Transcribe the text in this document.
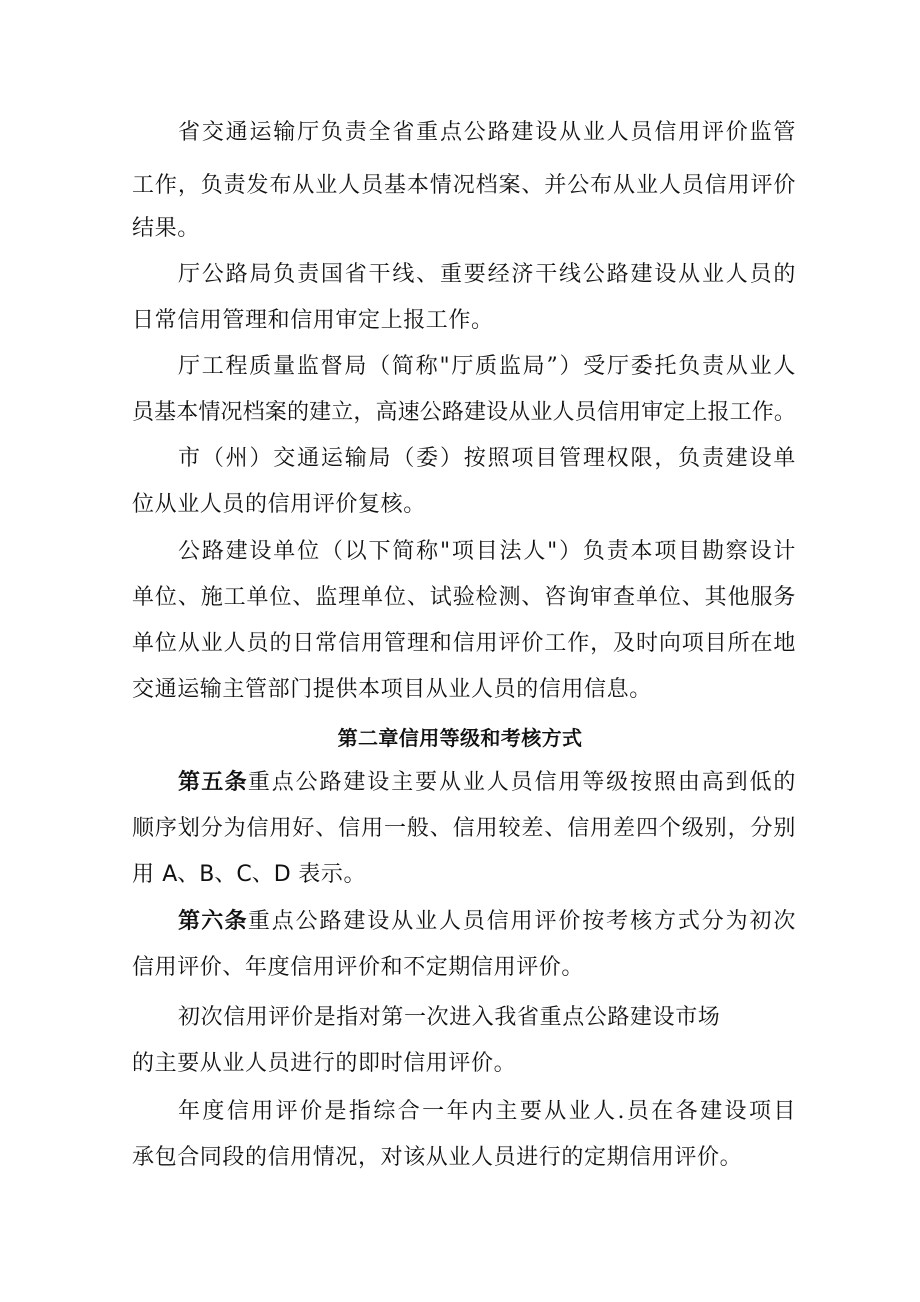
省交通运输厅负责全省重点公路建设从业人员信用评价监管
工作，负责发布从业人员基本情况档案、并公布从业人员信用评价
结果。
厅公路局负责国省干线、重要经济干线公路建设从业人员的
日常信用管理和信用审定上报工作。
厅工程质量监督局（简称"厅质监局”）受厅委托负责从业人
员基本情况档案的建立，高速公路建设从业人员信用审定上报工作。
市（州）交通运输局（委）按照项目管理权限，负责建设单
位从业人员的信用评价复核。
公路建设单位（以下简称"项目法人"）负责本项目勘察设计
单位、施工单位、监理单位、试验检测、咨询审查单位、其他服务
单位从业人员的日常信用管理和信用评价工作，及时向项目所在地
交通运输主管部门提供本项目从业人员的信用信息。
第二章信用等级和考核方式
第五条重点公路建设主要从业人员信用等级按照由高到低的
顺序划分为信用好、信用一般、信用较差、信用差四个级别，分别
用 A、B、C、D 表示。
第六条重点公路建设从业人员信用评价按考核方式分为初次
信用评价、年度信用评价和不定期信用评价。
初次信用评价是指对第一次进入我省重点公路建设市场
的主要从业人员进行的即时信用评价。
年度信用评价是指综合一年内主要从业人.员在各建设项目
承包合同段的信用情况，对该从业人员进行的定期信用评价。
